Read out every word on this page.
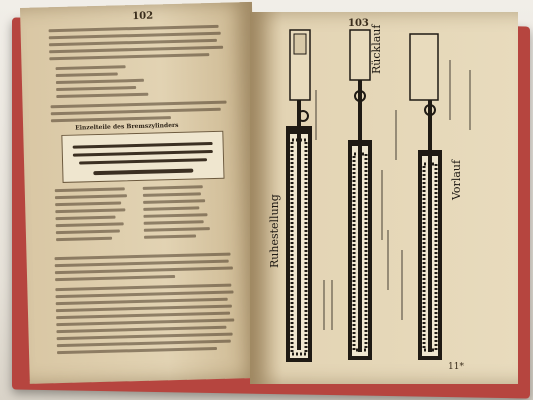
102
Einzelteile des Bremszylinders
103
11*
Ruhestellung
Rücklauf
Vorlauf
